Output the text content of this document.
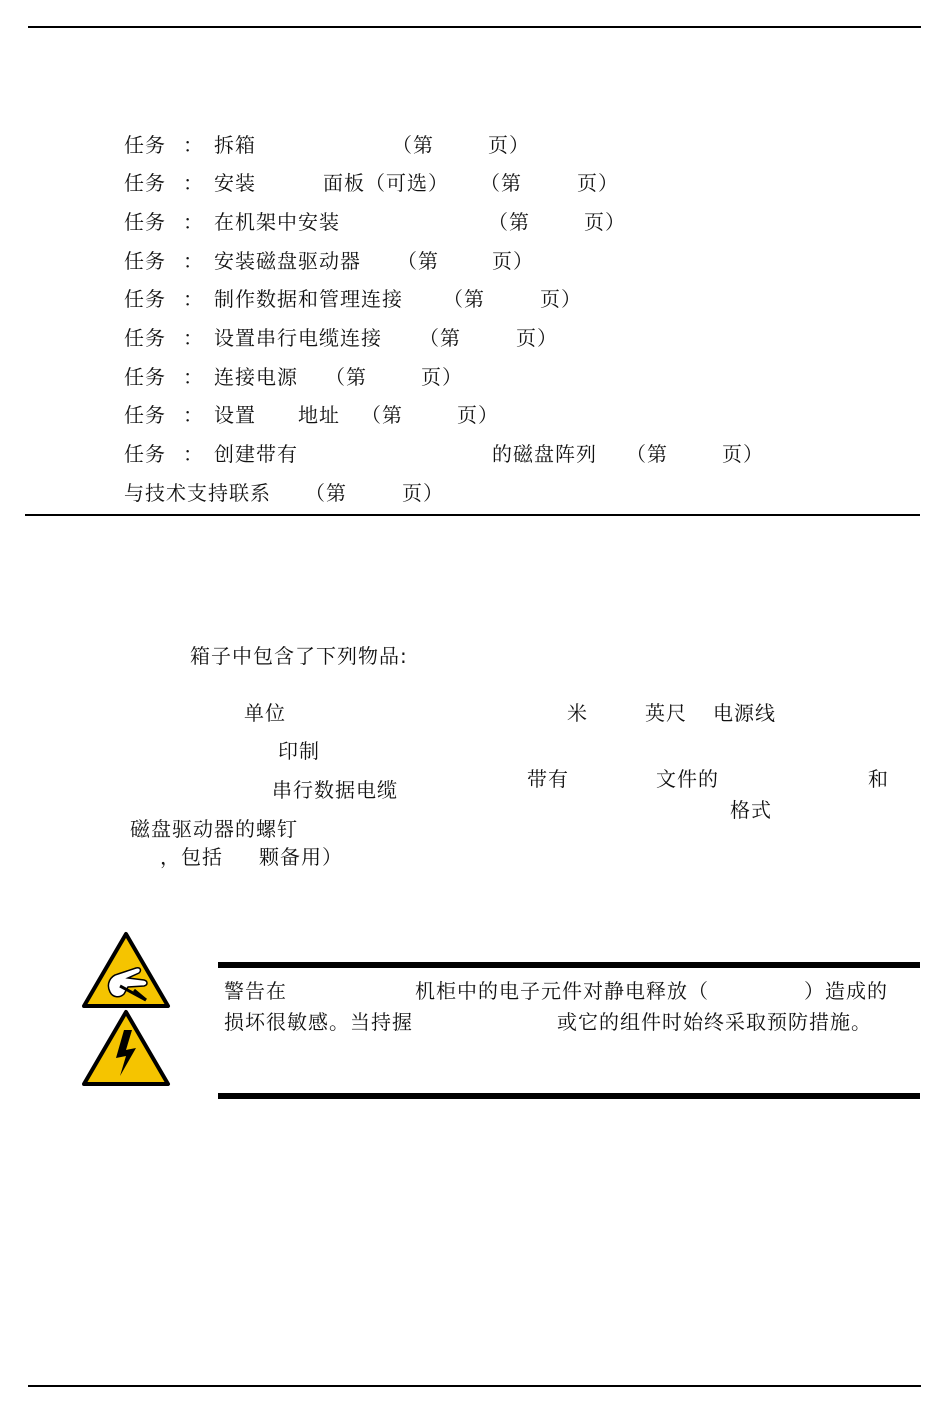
任务 ： 拆箱	（第	页）
任务 ： 安装	面板（可选） （第	页）
任务 ： 在机架中安装	（第	页）
任务 ： 安装磁盘驱动器 （第	页）
任务 ： 制作数据和管理连接 （第	页）
任务 ： 设置串行电缆连接 （第	页）
任务 ： 连接电源 （第	页）
任务 ： 设置 地址 （第	页）
任务 ： 创建带有	的磁盘阵列 （第	页）
与技术支持联系 （第	页）
箱子中包含了下列物品:
单位	米	英尺 电源线
印制
串行数据电缆	带有	文件的	和
格式
磁盘驱动器的螺钉
，包括 颗备用）
警告在	机柜中的电子元件对静电释放（	）造成的
损坏很敏感。当持握	或它的组件时始终采取预防措施。
